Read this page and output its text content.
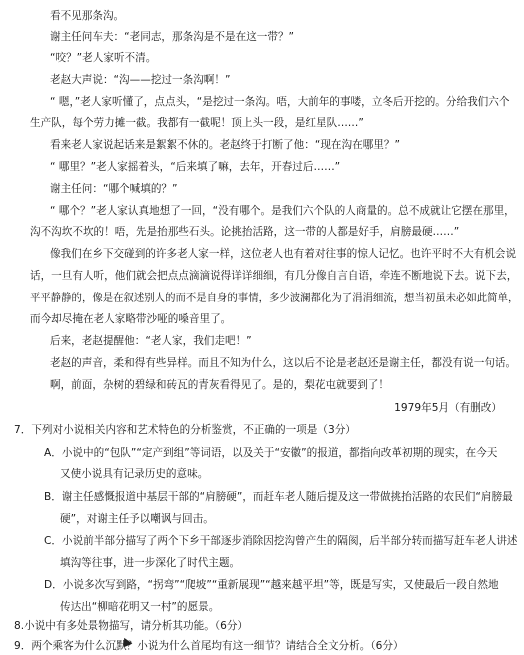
看不见那条沟。
谢主任问车夫：“老同志，那条沟是不是在这一带？”
“咬？”老人家听不清。
老赵大声说：“沟——挖过一条沟啊！”
“ 嗯，”老人家听懂了，点点头，“是挖过一条沟。唔，大前年的事喽，立冬后开挖的。分给我们六个
生产队，每个劳力摊一截。我都有一截呢！顶上头一段，是红星队……”
看来老人家说起话来是絮絮不休的。老赵终于打断了他：“现在沟在哪里？”
“ 哪里？”老人家摇着头，“后来填了嘛，去年，开春过后……”
谢主任问：“哪个喊填的？”
“ 哪个？”老人家认真地想了一回，“没有哪个。是我们六个队的人商量的。总不成就让它摆在那里，
沟不沟坎不坎的！唔，先是抬那些石头。论挑抬活路，这一带的人都是好手，肩膀最硬……”
像我们在乡下交碰到的许多老人家一样，这位老人也有着对往事的惊人记忆。也许平时不大有机会说
话，一旦有人听，他们就会把点点滴滴说得详详细细，有几分像自言自语，牵连不断地说下去。说下去，
平平静静的，像是在叙述别人的而不是自身的事情，多少波澜都化为了涓涓细流，想当初虽未必如此简单，
而今却尽掩在老人家略带沙哑的嗓音里了。
后来，老赵提醒他：“老人家，我们走吧！”
老赵的声音，柔和得有些异样。而且不知为什么，这以后不论是老赵还是谢主任，都没有说一句话。
啊，前面，杂树的碧绿和砖瓦的青灰看得见了。是的，梨花屯就要到了！
1979年5月（有删改）
7．下列对小说相关内容和艺术特色的分析鉴赏，不正确的一项是（3分）
A．小说中的“包队”“定产到组”等词语，以及关于“安徽”的报道，都指向改革初期的现实，在今天
又使小说具有记录历史的意味。
B．谢主任感慨报道中基层干部的“肩膀硬”，而赶车老人随后提及这一带做挑抬活路的农民们“肩膀最
硬”，对谢主任予以嘲讽与回击。
C．小说前半部分描写了两个下乡干部逐步消除因挖沟曾产生的隔阂，后半部分转而描写赶车老人讲述
填沟等往事，进一步深化了时代主题。
D．小说多次写到路，“拐弯”“爬坡”“重新展现”“越来越平坦”等，既是写实，又使最后一段自然地
传达出“柳暗花明又一村”的愿景。
8.小说中有多处景物描写，请分析其功能。（6分）
9．两个乘客为什么沉默？小说为什么首尾均有这一细节？请结合全文分析。（6分）
